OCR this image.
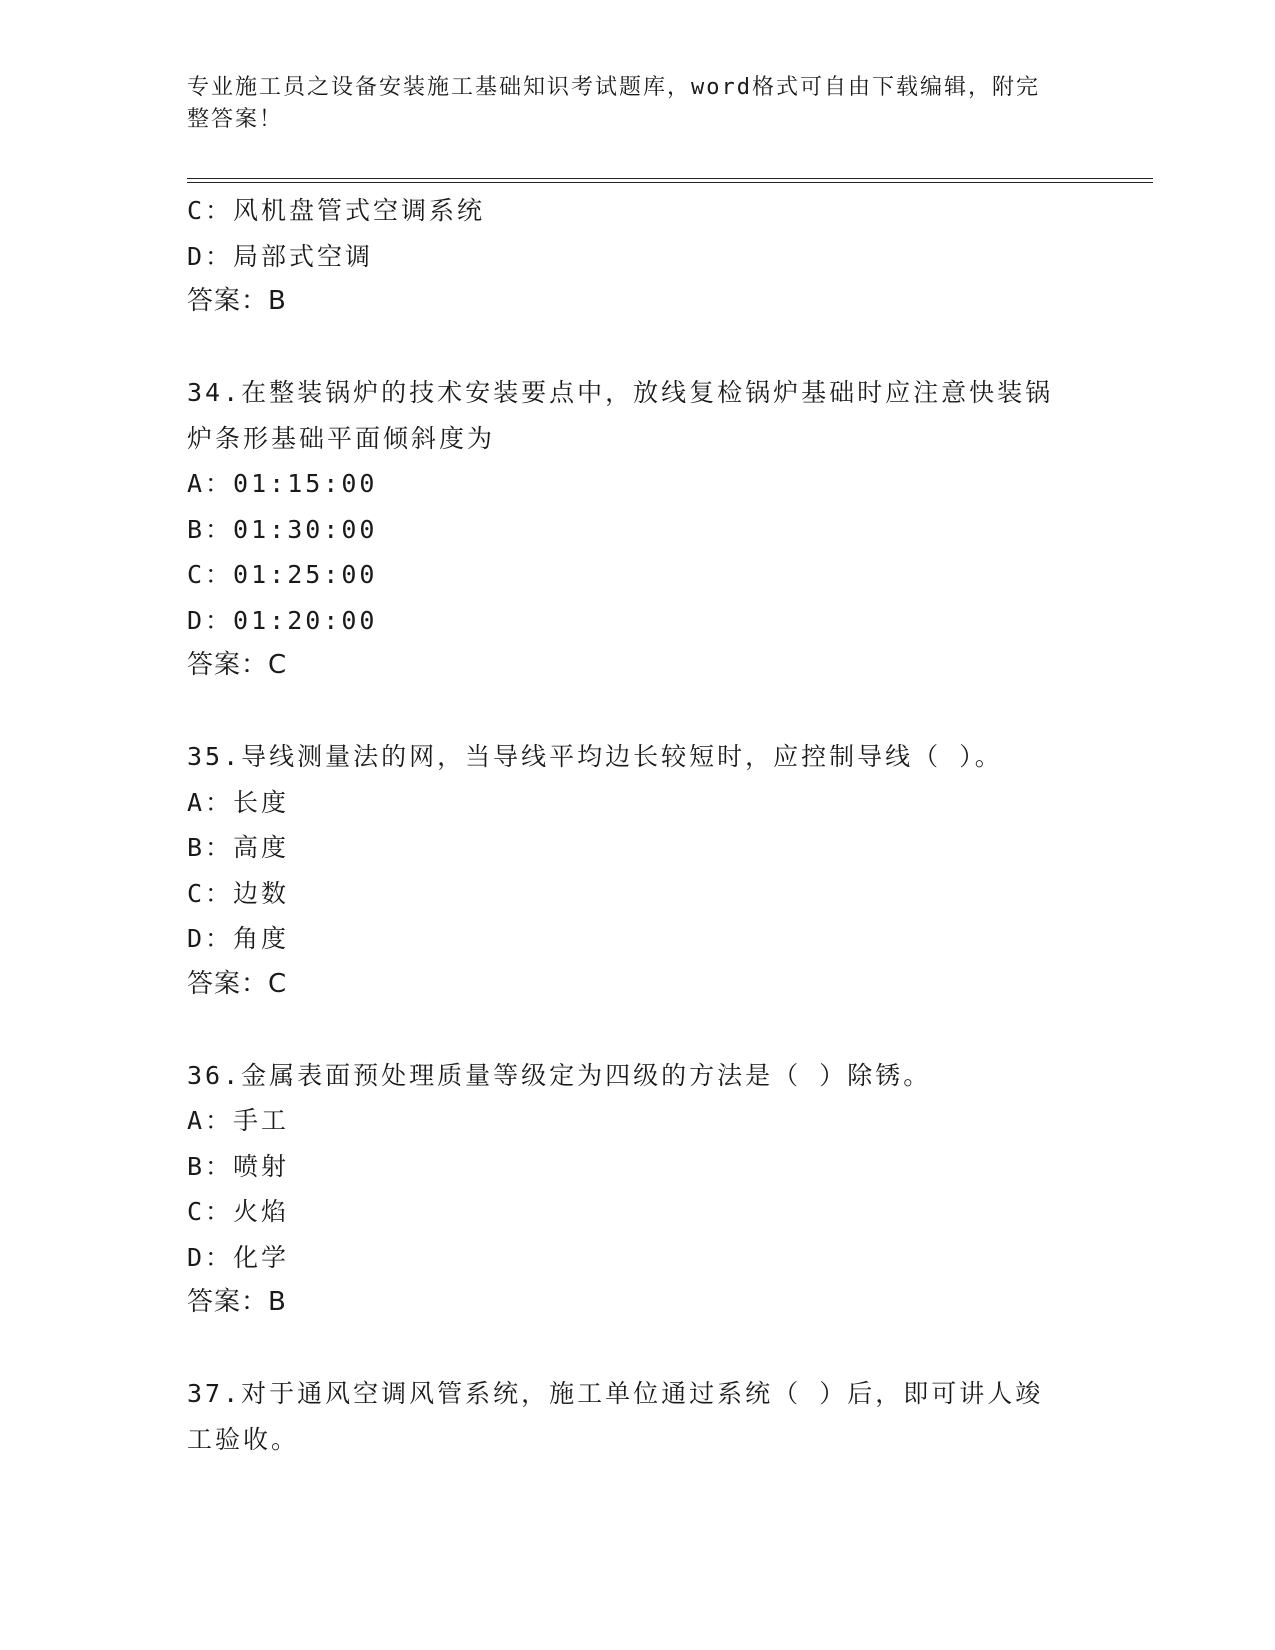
专业施工员之设备安装施工基础知识考试题库，word格式可自由下载编辑，附完
整答案！
C：风机盘管式空调系统
D：局部式空调
答案：B
34.在整装锅炉的技术安装要点中，放线复检锅炉基础时应注意快装锅
炉条形基础平面倾斜度为
A：01:15:00
B：01:30:00
C：01:25:00
D：01:20:00
答案：C
35.导线测量法的网，当导线平均边长较短时，应控制导线（ ）。
A：长度
B：高度
C：边数
D：角度
答案：C
36.金属表面预处理质量等级定为四级的方法是（ ）除锈。
A：手工
B：喷射
C：火焰
D：化学
答案：B
37.对于通风空调风管系统，施工单位通过系统（ ）后，即可讲人竣
工验收。
